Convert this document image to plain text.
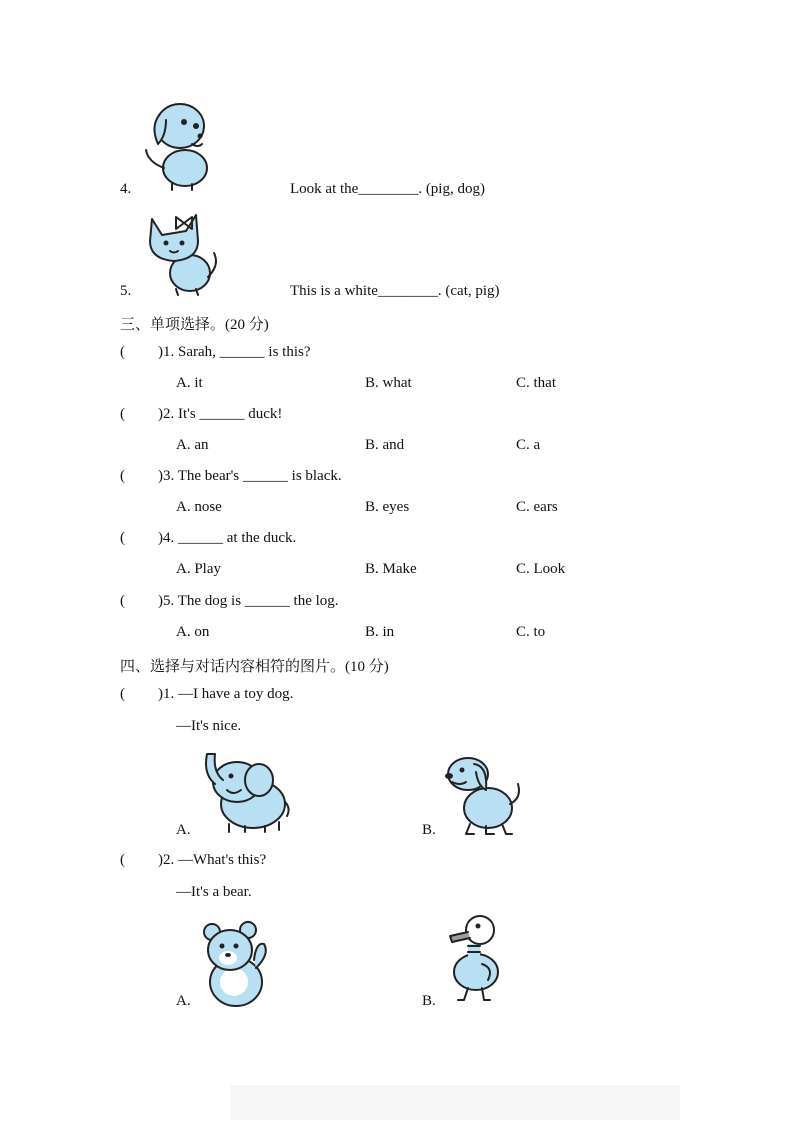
4.	Look at the________. (pig, dog)
5.	This is a white________. (cat, pig)
三、单项选择。(20 分)
( )1. Sarah, ______ is this?
A. it	B. what	C. that
( )2. It's ______ duck!
A. an	B. and	C. a
( )3. The bear's ______ is black.
A. nose	B. eyes	C. ears
( )4. ______ at the duck.
A. Play	B. Make	C. Look
( )5. The dog is ______ the log.
A. on	B. in	C. to
四、选择与对话内容相符的图片。(10 分)
( )1. —I have a toy dog.
—It's nice.
A.	B.
( )2. —What's this?
—It's a bear.
A.	B.
